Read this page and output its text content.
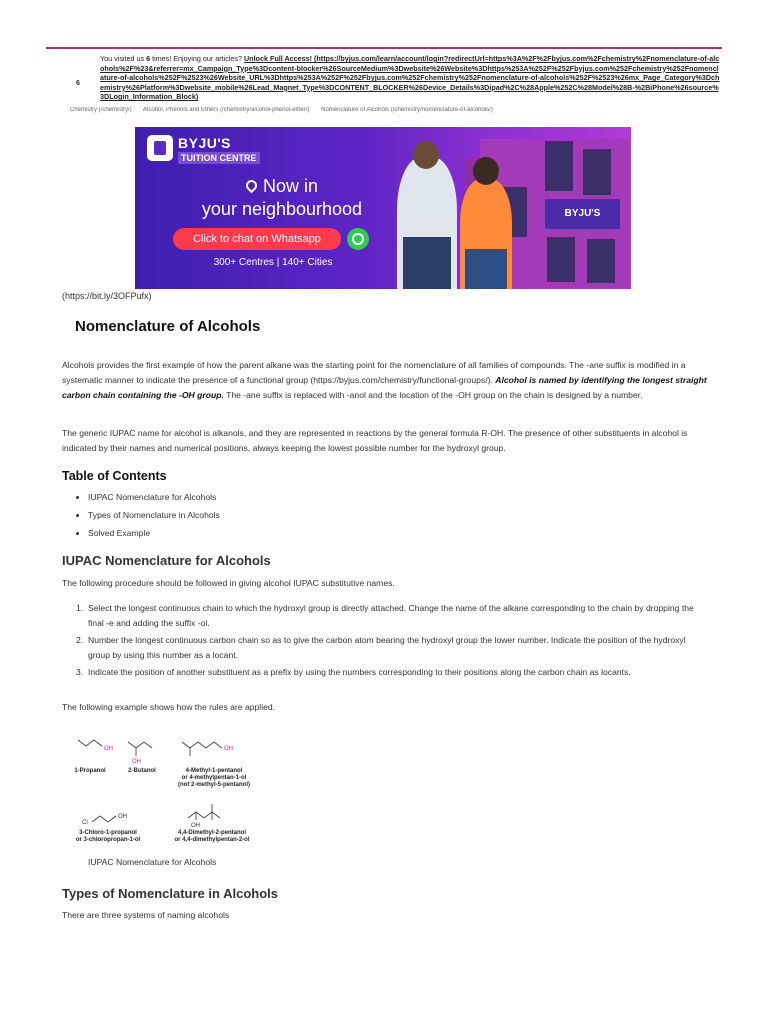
6
You visited us 6 times! Enjoying our articles? Unlock Full Access! (https://byjus.com/learn/account/login?redirectUrl=https%3A%2F%2Fbyjus.com%2Fchemistry%2Fnomenclature-of-alcohols%2F%23&referrer=mx_Campaign_Type%3Dcontent-blocker%26SourceMedium%3Dwebsite%26Website%3Dhttps%253A%252F%252Fbyjus.com%252Fchemistry%252Fnomenclature-of-alcohols%252F%2523%26Website_URL%3Dhttps%253A%252F%252Fbyjus.com%252Fchemistry%252Fnomenclature-of-alcohols%252F%2523%26mx_Page_Category%3Dchemistry%26Platform%3Dwebsite_mobile%26Lead_Magnet_Type%3DCONTENT_BLOCKER%26Device_Details%3Dipad%2C%28Apple%252C%28Model%28B-%2BiPhone%26source%3DLogin_Information_Block)
Chemistry (/chemistry/) Alcohol, Phenols and Ethers (/chemistry/alcohol-phenol-ether/) Nomenclature of Alcohols (/chemistry/nomenclature-of-alcohols/)
BYJU'S
TUITION CENTRE
Now in
your neighbourhood
Click to chat on Whatsapp
300+ Centres | 140+ Cities
BYJU'S
(https://bit.ly/3OFPufx)
Nomenclature of Alcohols

Alcohols provides the first example of how the parent alkane was the starting point for the nomenclature of all families of compounds. The -ane suffix is modified in a systematic manner to indicate the presence of a functional group (https://byjus.com/chemistry/functional-groups/). Alcohol is named by identifying the longest straight carbon chain containing the -OH group. The -ane suffix is replaced with -anol and the location of the -OH group on the chain is designed by a number.

The generic IUPAC name for alcohol is alkanols, and they are represented in reactions by the general formula R-OH. The presence of other substituents in alcohol is indicated by their names and numerical positions, always keeping the lowest possible number for the hydroxyl group.

Table of Contents
• IUPAC Nomenclature for Alcohols
• Types of Nomenclature in Alcohols
• Solved Example
IUPAC Nomenclature for Alcohols

The following procedure should be followed in giving alcohol IUPAC substitutive names.

1. Select the longest continuous chain to which the hydroxyl group is directly attached. Change the name of the alkane corresponding to the chain by dropping the final -e and adding the suffix -ol.
2. Number the longest continuous carbon chain so as to give the carbon atom bearing the hydroxyl group the lower number. Indicate the position of the hydroxyl group by using this number as a locant.
3. Indicate the position of another substituent as a prefix by using the numbers corresponding to their positions along the carbon chain as locants.

The following example shows how the rules are applied.

OH
OH
OH
Cl
OH
OH
1-Propanol	2-Butanol	4-Methyl-1-pentanol
or 4-methylpentan-1-ol
(not 2-methyl-5-pentanol)
3-Chloro-1-propanol
or 3-chloropropan-1-ol
4,4-Dimethyl-2-pentanol
or 4,4-dimethylpentan-2-ol
IUPAC Nomenclature for Alcohols
Types of Nomenclature in Alcohols

There are three systems of naming alcohols
